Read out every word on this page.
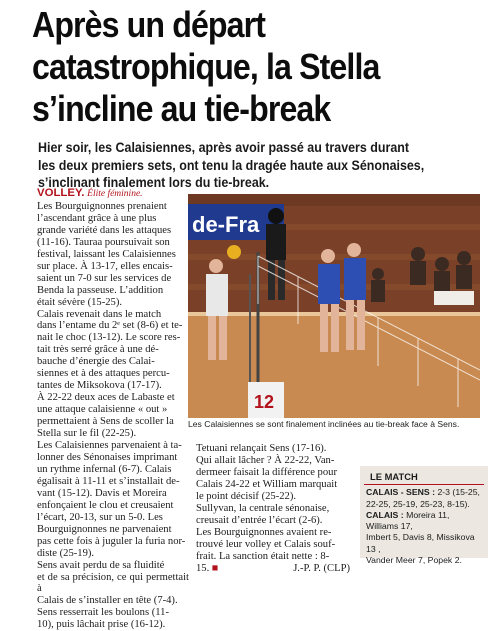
Après un départ
catastrophique, la Stella
s’incline au tie-break
Hier soir, les Calaisiennes, après avoir passé au travers durant
les deux premiers sets, ont tenu la dragée haute aux Sénonaises,
s’inclinant finalement lors du tie-break.
VOLLEY. Élite féminine.
Les Bourguignonnes prenaient
l’ascendant grâce à une plus
grande variété dans les attaques
(11-16). Tauraa poursuivait son
festival, laissant les Calaisiennes
sur place. À 13-17, elles encais-
saient un 7-0 sur les services de
Benda la passeuse. L’addition
était sévère (15-25).
Calais revenait dans le match
dans l’entame du 2ᵉ set (8-6) et te-
nait le choc (13-12). Le score res-
tait très serré grâce à une dé-
bauche d’énergie des Calai-
siennes et à des attaques percu-
tantes de Miksokova (17-17).
À 22-22 deux aces de Labaste et
une attaque calaisienne « out »
permettaient à Sens de scoller la
Stella sur le fil (22-25).
Les Calaisiennes parvenaient à ta-
lonner des Sénonaises imprimant
un rythme infernal (6-7). Calais
égalisait à 11-11 et s’installait de-
vant (15-12). Davis et Moreira
enfonçaient le clou et creusaient
l’écart, 20-13, sur un 5-0. Les
Bourguignonnes ne parvenaient
pas cette fois à juguler la furia nor-
diste (25-19).
Sens avait perdu de sa fluidité
et de sa précision, ce qui permettait à
Calais de s’installer en tête (7-4).
Sens resserrait les boulons (11-
10), puis lâchait prise (16-12).
de-Fra
12
Les Calaisiennes se sont finalement inclinées au tie-break face à Sens.
Tetuani relançait Sens (17-16).
Qui allait lâcher ? À 22-22, Van-
dermeer faisait la différence pour
Calais 24-22 et William marquait
le point décisif (25-22).
Sullyvan, la centrale sénonaise,
creusait d’entrée l’écart (2-6).
Les Bourguignonnes avaient re-
trouvé leur volley et Calais souf-
frait. La sanction était nette : 8-
15. ■	J.-P. P. (CLP)
LE MATCH
CALAIS - SENS : 2-3 (15-25,
22-25, 25-19, 25-23, 8-15).
CALAIS : Moreira 11, Williams 17,
Imbert 5, Davis 8, Missikova 13 ,
Vander Meer 7, Popek 2.
